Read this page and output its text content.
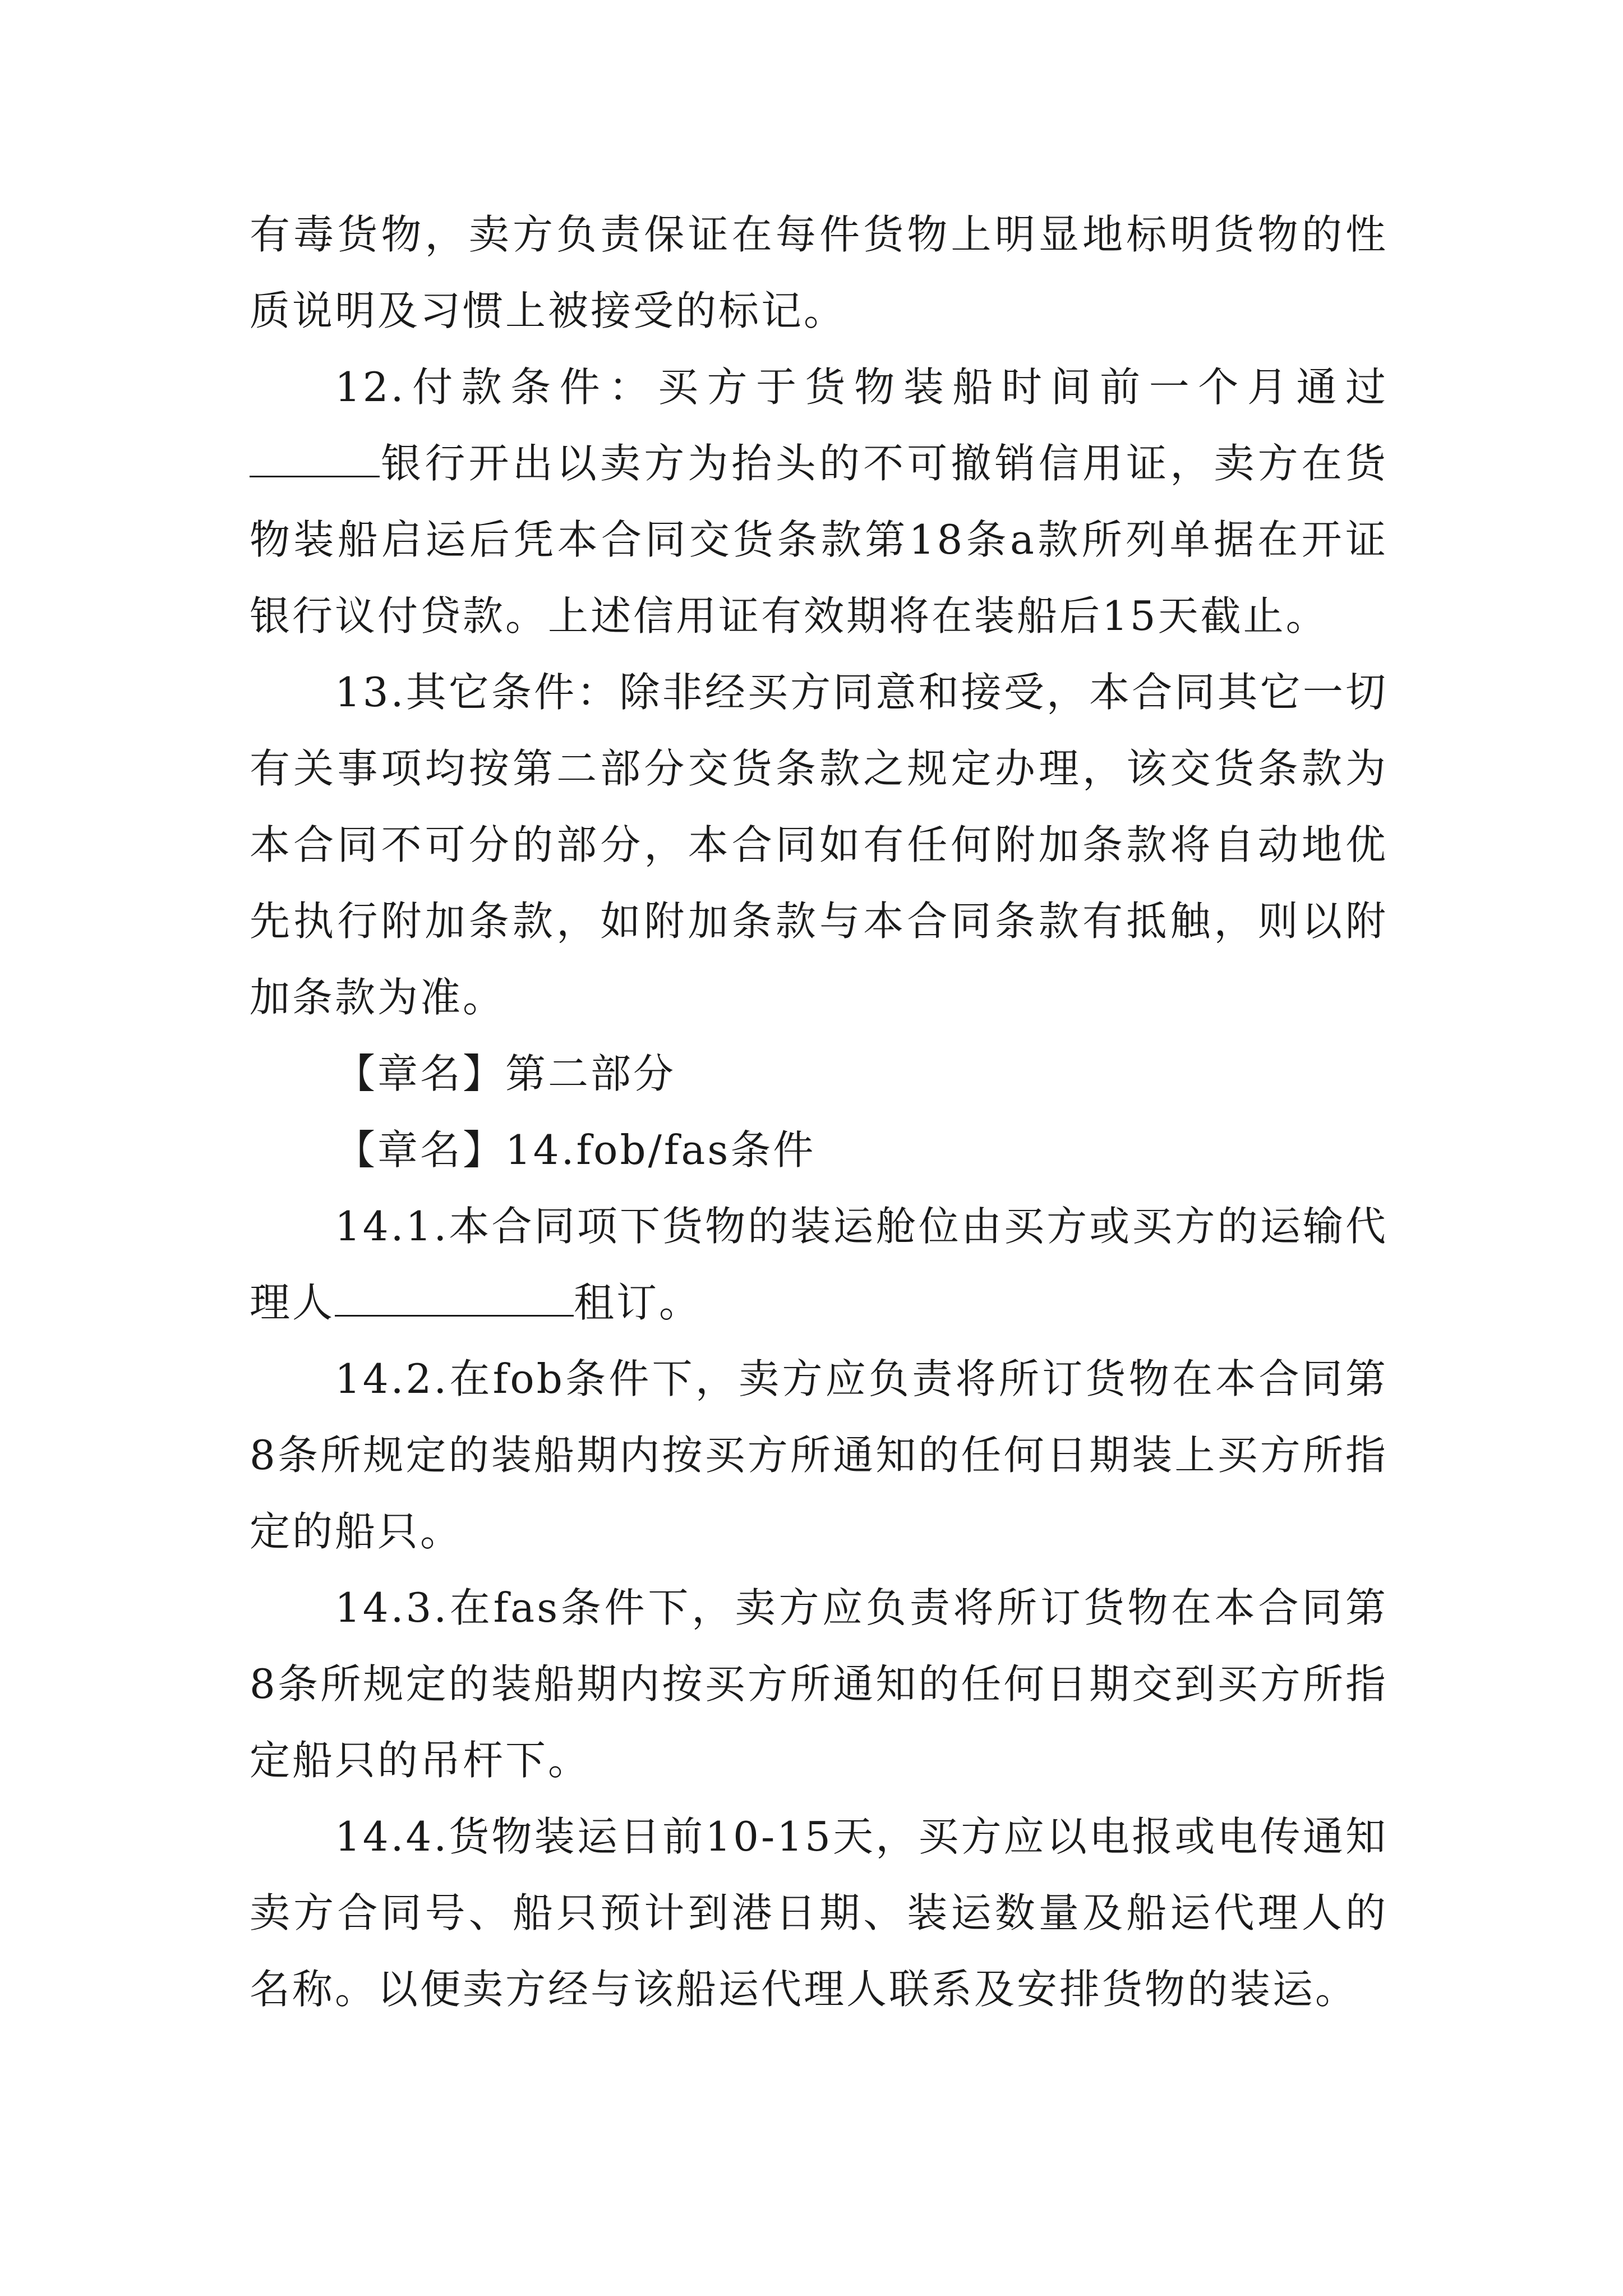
有毒货物，卖方负责保证在每件货物上明显地标明货物的性质说明及习惯上被接受的标记。

12.付款条件：买方于货物装船时间前一个月通过银行开出以卖方为抬头的不可撤销信用证，卖方在货物装船启运后凭本合同交货条款第18条a款所列单据在开证银行议付贷款。上述信用证有效期将在装船后15天截止。

13.其它条件：除非经买方同意和接受，本合同其它一切有关事项均按第二部分交货条款之规定办理，该交货条款为本合同不可分的部分，本合同如有任何附加条款将自动地优先执行附加条款，如附加条款与本合同条款有抵触，则以附加条款为准。

【章名】第二部分

【章名】14.fob/fas条件

14.1.本合同项下货物的装运舱位由买方或买方的运输代理人	租订。

14.2.在fob条件下，卖方应负责将所订货物在本合同第8条所规定的装船期内按买方所通知的任何日期装上买方所指定的船只。

14.3.在fas条件下，卖方应负责将所订货物在本合同第8条所规定的装船期内按买方所通知的任何日期交到买方所指定船只的吊杆下。

14.4.货物装运日前10-15天，买方应以电报或电传通知卖方合同号、船只预计到港日期、装运数量及船运代理人的名称。以便卖方经与该船运代理人联系及安排货物的装运。
